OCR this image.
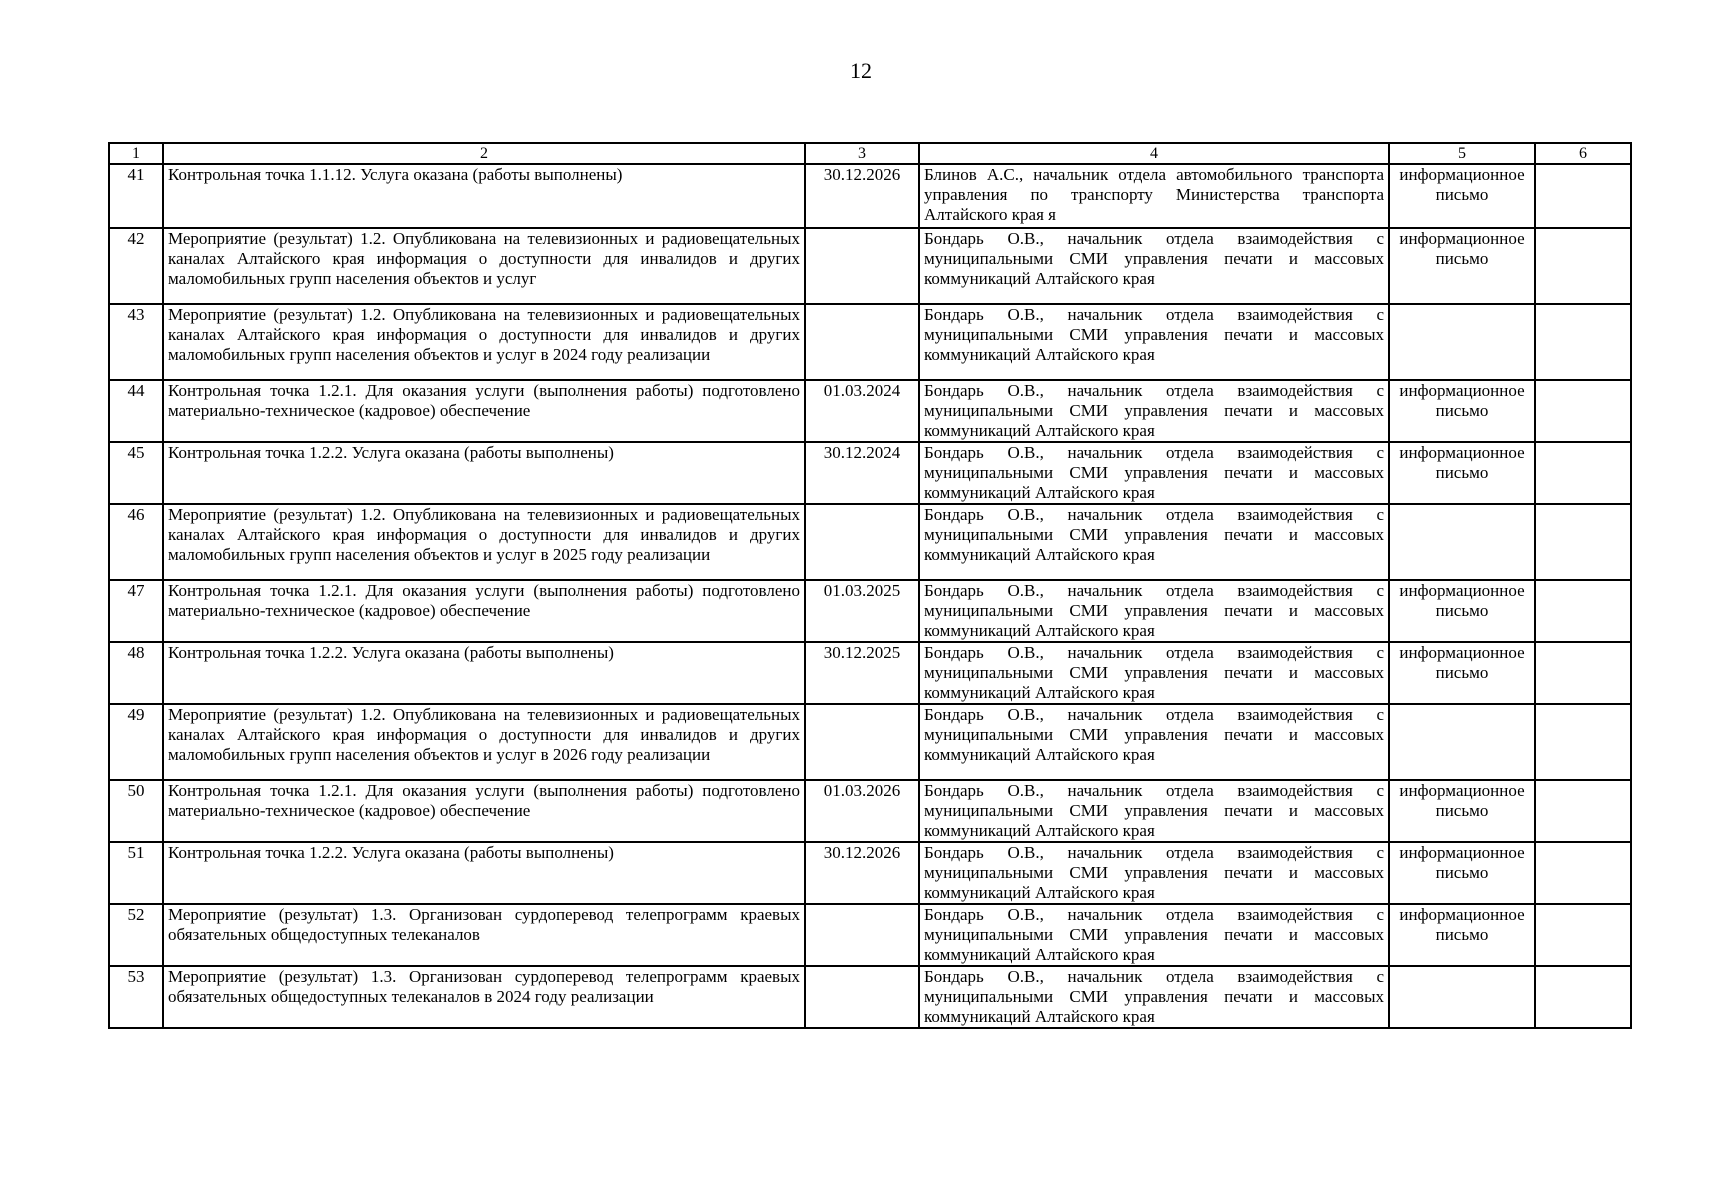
12
1	2	3	4	5	6
41	Контрольная точка 1.1.12. Услуга оказана (работы выполнены)	30.12.2026	Блинов А.С., начальник отдела автомобильного транспорта управления по транспорту Министерства транспорта Алтайского края я	информационное письмо	
42	Мероприятие (результат) 1.2. Опубликована на телевизионных и радиовещательных каналах Алтайского края информация о доступности для инвалидов и других маломобильных групп населения объектов и услуг		Бондарь О.В., начальник отдела взаимодействия с муниципальными СМИ управления печати и массовых коммуникаций Алтайского края	информационное письмо	
43	Мероприятие (результат) 1.2. Опубликована на телевизионных и радиовещательных каналах Алтайского края информация о доступности для инвалидов и других маломобильных групп населения объектов и услуг в 2024 году реализации		Бондарь О.В., начальник отдела взаимодействия с муниципальными СМИ управления печати и массовых коммуникаций Алтайского края		
44	Контрольная точка 1.2.1. Для оказания услуги (выполнения работы) подготовлено материально-техническое (кадровое) обеспечение	01.03.2024	Бондарь О.В., начальник отдела взаимодействия с муниципальными СМИ управления печати и массовых коммуникаций Алтайского края	информационное письмо	
45	Контрольная точка 1.2.2. Услуга оказана (работы выполнены)	30.12.2024	Бондарь О.В., начальник отдела взаимодействия с муниципальными СМИ управления печати и массовых коммуникаций Алтайского края	информационное письмо	
46	Мероприятие (результат) 1.2. Опубликована на телевизионных и радиовещательных каналах Алтайского края информация о доступности для инвалидов и других маломобильных групп населения объектов и услуг в 2025 году реализации		Бондарь О.В., начальник отдела взаимодействия с муниципальными СМИ управления печати и массовых коммуникаций Алтайского края		
47	Контрольная точка 1.2.1. Для оказания услуги (выполнения работы) подготовлено материально-техническое (кадровое) обеспечение	01.03.2025	Бондарь О.В., начальник отдела взаимодействия с муниципальными СМИ управления печати и массовых коммуникаций Алтайского края	информационное письмо	
48	Контрольная точка 1.2.2. Услуга оказана (работы выполнены)	30.12.2025	Бондарь О.В., начальник отдела взаимодействия с муниципальными СМИ управления печати и массовых коммуникаций Алтайского края	информационное письмо	
49	Мероприятие (результат) 1.2. Опубликована на телевизионных и радиовещательных каналах Алтайского края информация о доступности для инвалидов и других маломобильных групп населения объектов и услуг в 2026 году реализации		Бондарь О.В., начальник отдела взаимодействия с муниципальными СМИ управления печати и массовых коммуникаций Алтайского края		
50	Контрольная точка 1.2.1. Для оказания услуги (выполнения работы) подготовлено материально-техническое (кадровое) обеспечение	01.03.2026	Бондарь О.В., начальник отдела взаимодействия с муниципальными СМИ управления печати и массовых коммуникаций Алтайского края	информационное письмо	
51	Контрольная точка 1.2.2. Услуга оказана (работы выполнены)	30.12.2026	Бондарь О.В., начальник отдела взаимодействия с муниципальными СМИ управления печати и массовых коммуникаций Алтайского края	информационное письмо	
52	Мероприятие (результат) 1.3. Организован сурдоперевод телепрограмм краевых обязательных общедоступных телеканалов		Бондарь О.В., начальник отдела взаимодействия с муниципальными СМИ управления печати и массовых коммуникаций Алтайского края	информационное письмо	
53	Мероприятие (результат) 1.3. Организован сурдоперевод телепрограмм краевых обязательных общедоступных телеканалов в 2024 году реализации		Бондарь О.В., начальник отдела взаимодействия с муниципальными СМИ управления печати и массовых коммуникаций Алтайского края		
